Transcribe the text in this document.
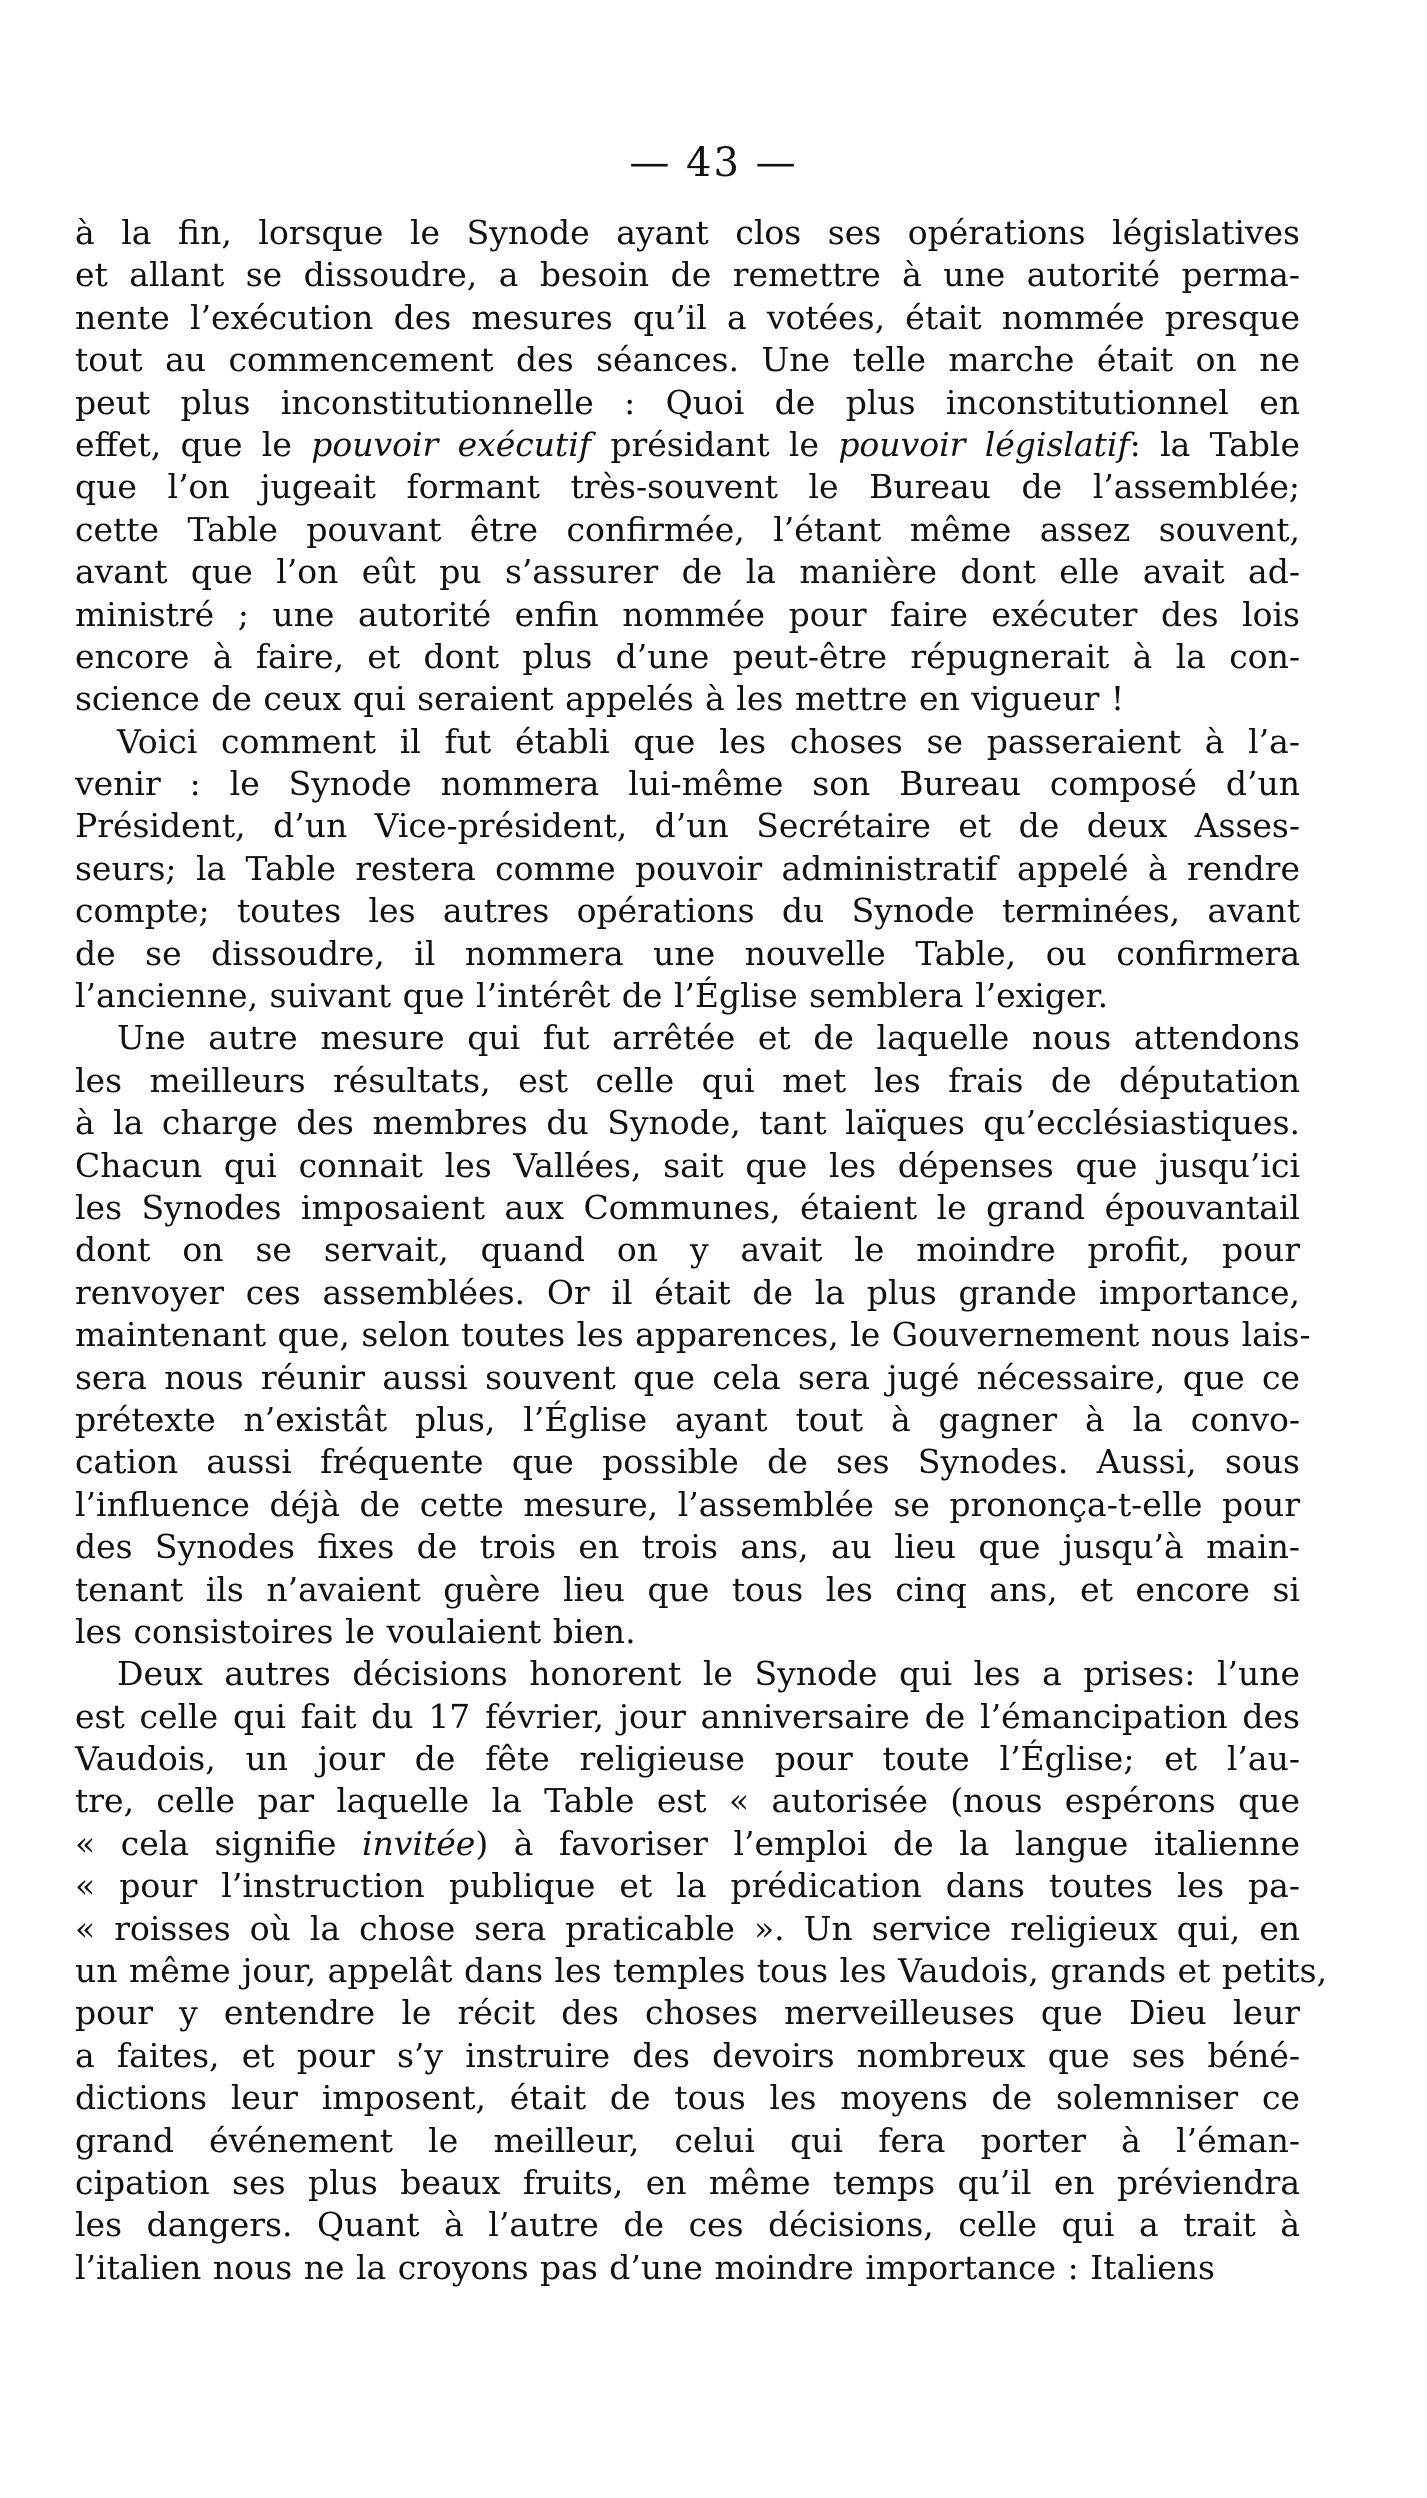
— 43 —
à la fin, lorsque le Synode ayant clos ses opérations législatives
et allant se dissoudre, a besoin de remettre à une autorité perma-
nente l’exécution des mesures qu’il a votées, était nommée presque
tout au commencement des séances. Une telle marche était on ne
peut plus inconstitutionnelle : Quoi de plus inconstitutionnel en
effet, que le pouvoir exécutif présidant le pouvoir législatif: la Table
que l’on jugeait formant très-souvent le Bureau de l’assemblée;
cette Table pouvant être confirmée, l’étant même assez souvent,
avant que l’on eût pu s’assurer de la manière dont elle avait ad-
ministré ; une autorité enfin nommée pour faire exécuter des lois
encore à faire, et dont plus d’une peut-être répugnerait à la con-
science de ceux qui seraient appelés à les mettre en vigueur !
Voici comment il fut établi que les choses se passeraient à l’a-
venir : le Synode nommera lui-même son Bureau composé d’un
Président, d’un Vice-président, d’un Secrétaire et de deux Asses-
seurs; la Table restera comme pouvoir administratif appelé à rendre
compte; toutes les autres opérations du Synode terminées, avant
de se dissoudre, il nommera une nouvelle Table, ou confirmera
l’ancienne, suivant que l’intérêt de l’Église semblera l’exiger.
Une autre mesure qui fut arrêtée et de laquelle nous attendons
les meilleurs résultats, est celle qui met les frais de députation
à la charge des membres du Synode, tant laïques qu’ecclésiastiques.
Chacun qui connait les Vallées, sait que les dépenses que jusqu’ici
les Synodes imposaient aux Communes, étaient le grand épouvantail
dont on se servait, quand on y avait le moindre profit, pour
renvoyer ces assemblées. Or il était de la plus grande importance,
maintenant que, selon toutes les apparences, le Gouvernement nous lais-
sera nous réunir aussi souvent que cela sera jugé nécessaire, que ce
prétexte n’existât plus, l’Église ayant tout à gagner à la convo-
cation aussi fréquente que possible de ses Synodes. Aussi, sous
l’influence déjà de cette mesure, l’assemblée se prononça-t-elle pour
des Synodes fixes de trois en trois ans, au lieu que jusqu’à main-
tenant ils n’avaient guère lieu que tous les cinq ans, et encore si
les consistoires le voulaient bien.
Deux autres décisions honorent le Synode qui les a prises: l’une
est celle qui fait du 17 février, jour anniversaire de l’émancipation des
Vaudois, un jour de fête religieuse pour toute l’Église; et l’au-
tre, celle par laquelle la Table est « autorisée (nous espérons que
« cela signifie invitée) à favoriser l’emploi de la langue italienne
« pour l’instruction publique et la prédication dans toutes les pa-
« roisses où la chose sera praticable ». Un service religieux qui, en
un même jour, appelât dans les temples tous les Vaudois, grands et petits,
pour y entendre le récit des choses merveilleuses que Dieu leur
a faites, et pour s’y instruire des devoirs nombreux que ses béné-
dictions leur imposent, était de tous les moyens de solemniser ce
grand événement le meilleur, celui qui fera porter à l’éman-
cipation ses plus beaux fruits, en même temps qu’il en préviendra
les dangers. Quant à l’autre de ces décisions, celle qui a trait à
l’italien nous ne la croyons pas d’une moindre importance : Italiens
